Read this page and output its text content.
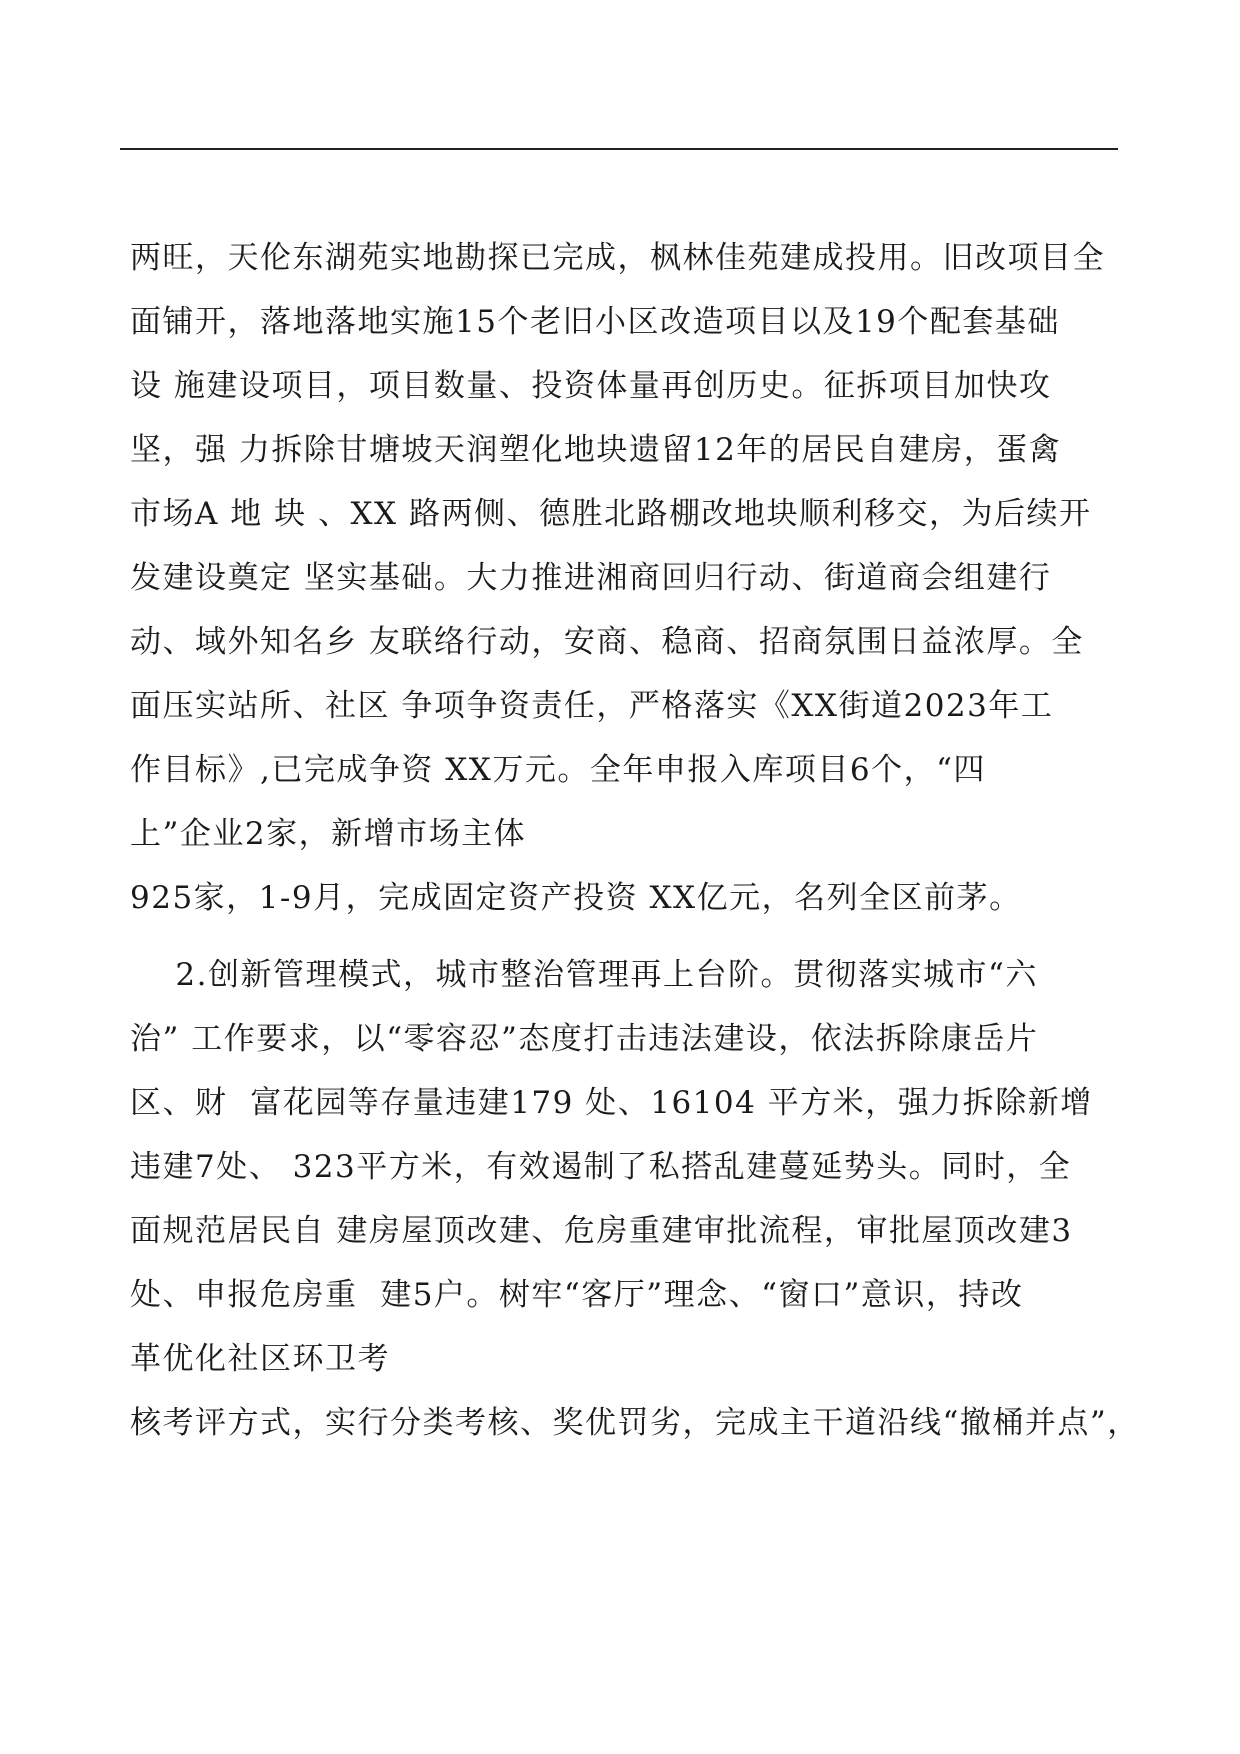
两旺，天伦东湖苑实地勘探已完成，枫林佳苑建成投用。旧改项目全
面铺开，落地落地实施15个老旧小区改造项目以及19个配套基础
设 施建设项目，项目数量、投资体量再创历史。征拆项目加快攻
坚，强 力拆除甘塘坡天润塑化地块遗留12年的居民自建房，蛋禽
市场A 地 块 、XX 路两侧、德胜北路棚改地块顺利移交，为后续开
发建设奠定 坚实基础。大力推进湘商回归行动、街道商会组建行
动、域外知名乡 友联络行动，安商、稳商、招商氛围日益浓厚。全
面压实站所、社区 争项争资责任，严格落实《XX街道2023年工
作目标》,已完成争资 XX万元。全年申报入库项目6个，“四
上”企业2家，新增市场主体
925家，1-9月，完成固定资产投资 XX亿元，名列全区前茅。
2.创新管理模式，城市整治管理再上台阶。贯彻落实城市“六
治” 工作要求，以“零容忍”态度打击违法建设，依法拆除康岳片
区、财  富花园等存量违建179 处、16104 平方米，强力拆除新增
违建7处、 323平方米，有效遏制了私搭乱建蔓延势头。同时，全
面规范居民自 建房屋顶改建、危房重建审批流程，审批屋顶改建3
处、申报危房重  建5户。树牢“客厅”理念、“窗口”意识，持改
革优化社区环卫考
核考评方式，实行分类考核、奖优罚劣，完成主干道沿线“撤桶并点”，
